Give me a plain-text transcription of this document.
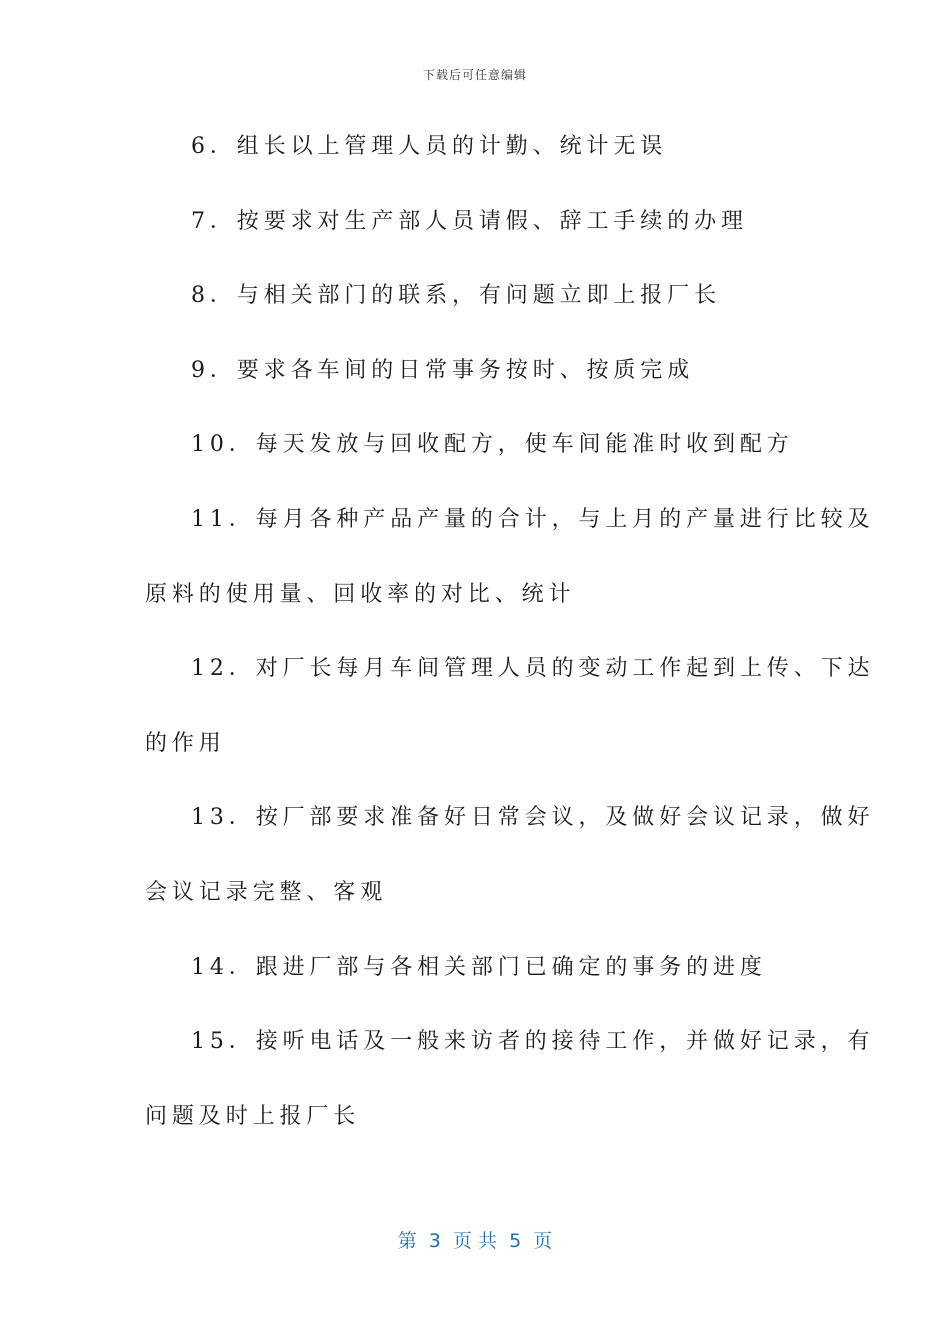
下载后可任意编辑
6．组长以上管理人员的计勤、统计无误
7．按要求对生产部人员请假、辞工手续的办理
8．与相关部门的联系，有问题立即上报厂长
9．要求各车间的日常事务按时、按质完成
10．每天发放与回收配方，使车间能准时收到配方
11．每月各种产品产量的合计，与上月的产量进行比较及
原料的使用量、回收率的对比、统计
12．对厂长每月车间管理人员的变动工作起到上传、下达
的作用
13．按厂部要求准备好日常会议，及做好会议记录，做好
会议记录完整、客观
14．跟进厂部与各相关部门已确定的事务的进度
15．接听电话及一般来访者的接待工作，并做好记录，有
问题及时上报厂长
第  3  页 共  5  页
